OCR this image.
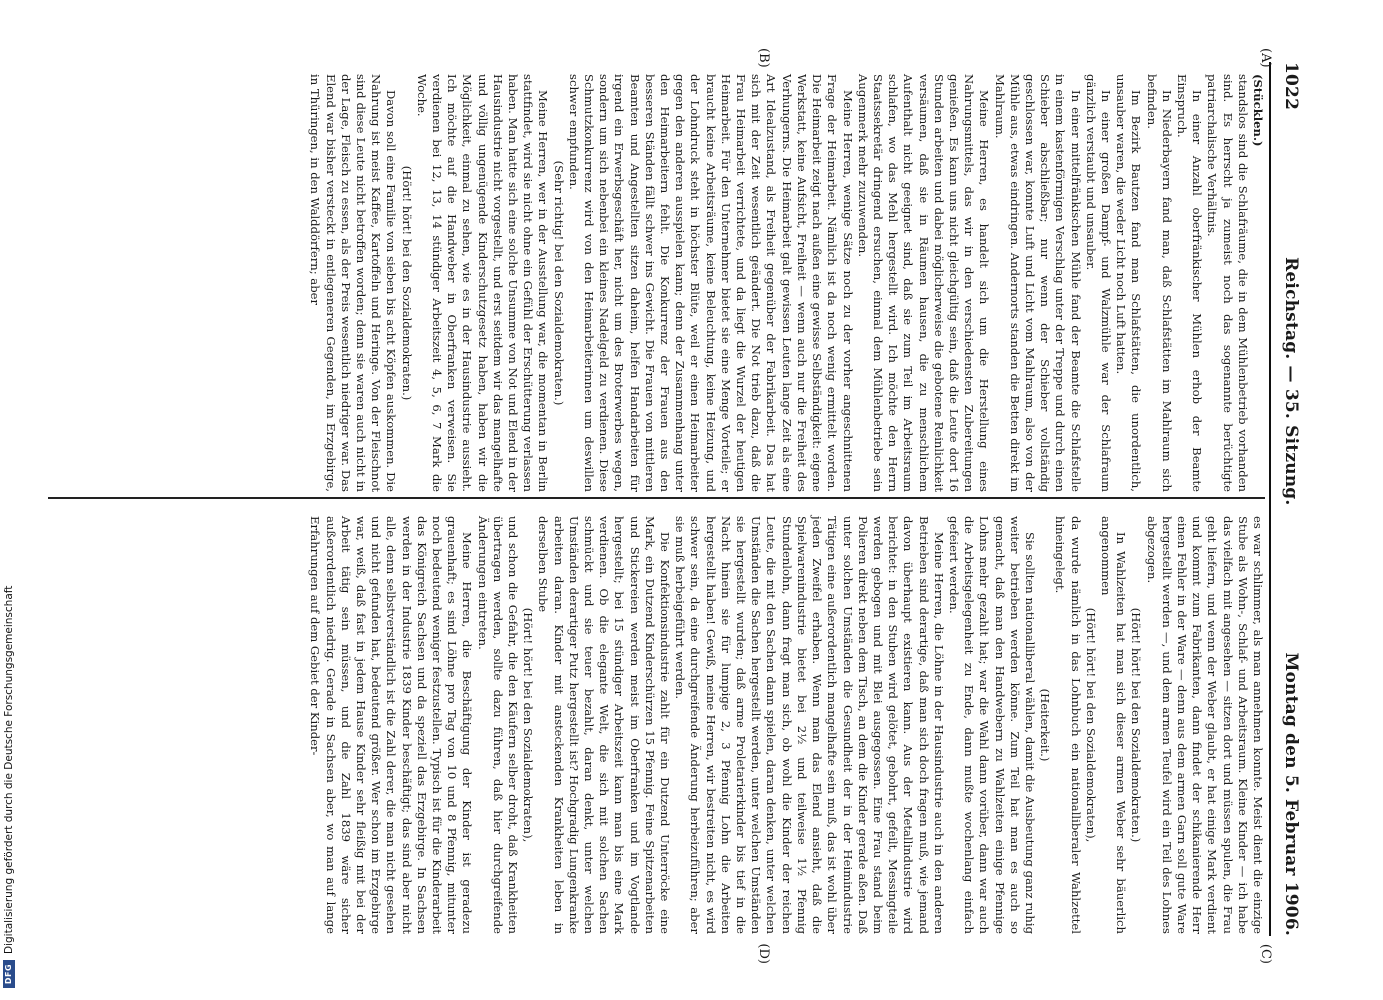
1022
Reichstag. — 35. Sitzung.
Montag den 5. Februar 1906.
(A)
(B)
(C)
(D)

(Stücklen.)

standslos sind die Schlafräume, die in dem Mühlenbetrieb vorhanden sind. Es herrscht ja zumeist noch das sogenannte berüchtigte patriarchalische Verhältnis.

In einer Anzahl oberfränkischer Mühlen erhob der Beamte Einspruch.

In Niederbayern fand man, daß Schlafstätten im Mahlraum sich befinden.

Im Bezirk Bautzen fand man Schlafstätten, die unordentlich, unsauber waren, die weder Licht noch Luft hatten.

In einer großen Dampf- und Walzmühle war der Schlafraum gänzlich verstaubt und unsauber.

In einer mittelfränkischen Mühle fand der Beamte die Schlafstelle in einem kastenförmigen Verschlag unter der Treppe und durch einen Schieber abschließbar; nur wenn der Schieber vollständig geschlossen war, konnte Luft und Licht vom Mahlraum, also von der Mühle aus, etwas eindringen. Andernorts standen die Betten direkt im Mahlraum.

Meine Herren, es handelt sich um die Herstellung eines Nahrungsmittels, das wir in den verschiedensten Zubereitungen genießen. Es kann uns nicht gleichgültig sein, daß die Leute dort 16 Stunden arbeiten und dabei möglicherweise die gebotene Reinlichkeit versäumen, daß sie in Räumen hausen, die zu menschlichem Aufenthalt nicht geeignet sind, daß sie zum Teil im Arbeitsraum schlafen, wo das Mehl hergestellt wird. Ich möchte den Herrn Staatssekretär dringend ersuchen, einmal dem Mühlenbetriebe sein Augenmerk mehr zuzuwenden.

Meine Herren, wenige Sätze noch zu der vorher angeschnittenen Frage der Heimarbeit. Nämlich ist da noch wenig ermittelt worden. Die Heimarbeit zeigt nach außen eine gewisse Selbständigkeit: eigene Werkstatt, keine Aufsicht, Freiheit — wenn auch nur die Freiheit des Verhungerns. Die Heimarbeit galt gewissen Leuten lange Zeit als eine Art Idealzustand, als Freiheit gegenüber der Fabrikarbeit. Das hat sich mit der Zeit wesentlich geändert. Die Not trieb dazu, daß die Frau Heimarbeit verrichtete, und da liegt die Wurzel der heutigen Heimarbeit. Für den Unternehmer bietet sie eine Menge Vorteile; er braucht keine Arbeitsräume, keine Beleuchtung, keine Heizung, und der Lohndruck steht in höchster Blüte, weil er einen Heimarbeiter gegen den anderen ausspielen kann; denn der Zusammenhang unter den Heimarbeitern fehlt. Die Konkurrenz der Frauen aus den besseren Ständen fällt schwer ins Gewicht. Die Frauen von mittleren Beamten und Angestellten sitzen daheim, helfen Handarbeiten für irgend ein Erwerbsgeschäft her, nicht um des Broterwerbes wegen, sondern um sich nebenbei ein kleines Nadelgeld zu verdienen. Diese Schmutzkonkurrenz wird von den Heimarbeiterinnen um deswillen schwer empfunden.

(Sehr richtig! bei den Sozialdemokraten.)

Meine Herren, wer in der Ausstellung war, die momentan in Berlin stattfindet, wird sie nicht ohne ein Gefühl der Erschütterung verlassen haben. Man hatte sich eine solche Unsumme von Not und Elend in der Hausindustrie nicht vorgestellt, und erst seitdem wir das mangelhafte und völlig ungenügende Kinderschutzgesetz haben, haben wir die Möglichkeit, einmal zu sehen, wie es in der Hausindustrie aussieht. Ich möchte auf die Handweber in Oberfranken verweisen. Sie verdienen bei 12, 13, 14 stündiger Arbeitszeit 4, 5, 6, 7 Mark die Woche.

(Hört! hört! bei den Sozialdemokraten.)

Davon soll eine Familie von sieben bis acht Köpfen auskommen. Die Nahrung ist meist Kaffee, Kartoffeln und Heringe. Von der Fleischnot sind diese Leute nicht betroffen worden; denn sie waren auch nicht in der Lage, Fleisch zu essen, als der Preis wesentlich niedriger war. Das Elend war bisher versteckt in entlegeneren Gegenden, im Erzgebirge, in Thüringen, in den Walddörfern; aber

es war schlimmer, als man annehmen konnte. Meist dient die einzige Stube als Wohn-, Schlaf- und Arbeitsraum. Kleine Kinder — ich habe das vielfach mit angesehen — sitzen dort und müssen spulen, die Frau geht liefern, und wenn der Weber glaubt, er hat einige Mark verdient und kommt zum Fabrikanten, dann findet der schikanierende Herr einen Fehler in der Ware — denn aus dem armen Garn soll gute Ware hergestellt werden —, und dem armen Teufel wird ein Teil des Lohnes abgezogen.

(Hört! hört! bei den Sozialdemokraten.)

In Wahlzeiten hat man sich dieser armen Weber sehr bäuerlich angenommen

(Hört! hört! bei den Sozialdemokraten),

da wurde nämlich in das Lohnbuch ein nationalliberaler Wahlzettel hineingelegt.

(Heiterkeit.)

Sie sollten nationalliberal wählen, damit die Ausbeutung ganz ruhig weiter betrieben werden könne. Zum Teil hat man es auch so gemacht, daß man den Handwebern zu Wahlzeiten einige Pfennige Lohns mehr gezahlt hat; war die Wahl dann vorüber, dann war auch die Arbeitsgelegenheit zu Ende, dann mußte wochenlang einfach gefeiert werden.

Meine Herren, die Löhne in der Hausindustrie auch in den anderen Betrieben sind derartige, daß man sich doch fragen muß, wie jemand davon überhaupt existieren kann. Aus der Metallindustrie wird berichtet: in den Stuben wird gelötet, gebohrt, gefeilt, Messingteile werden gebogen und mit Blei ausgegossen. Eine Frau stand beim Polieren direkt neben dem Tisch, an dem die Kinder gerade aßen. Daß unter solchen Umständen die Gesundheit der in der Heimindustrie Tätigen eine außerordentlich mangelhafte sein muß, das ist wohl über jeden Zweifel erhaben. Wenn man das Elend ansieht, daß die Spielwarenindustrie bietet bei 2½ und teilweise 1½ Pfennig Stundenlohn, dann fragt man sich, ob wohl die Kinder der reichen Leute, die mit den Sachen dann spielen, daran denken, unter welchen Umständen die Sachen hergestellt werden, unter welchen Umständen sie hergestellt wurden; daß arme Proletarierkinder bis tief in die Nacht hinein sie für lumpige 2, 3 Pfennig Lohn die Arbeiten hergestellt haben! Gewiß, meine Herren, wir bestreiten nicht, es wird schwer sein, da eine durchgreifende Änderung herbeizuführen; aber sie muß herbeigeführt werden.

Die Konfektionsindustrie zahlt für ein Dutzend Unterröcke eine Mark, ein Dutzend Kinderschürzen 15 Pfennig. Feine Spitzenarbeiten und Stickereien werden meist im Oberfranken und im Vogtlande hergestellt; bei 15 stündiger Arbeitszeit kann man bis eine Mark verdienen. Ob die elegante Welt, die sich mit solchen Sachen schmückt und sie teuer bezahlt, daran denkt, unter welchen Umständen derartiger Putz hergestellt ist? Hochgradig Lungenkranke arbeiten daran. Kinder mit ansteckenden Krankheiten leben in derselben Stube

(Hört! hört! bei den Sozialdemokraten),

und schon die Gefahr, die den Käufern selber droht, daß Krankheiten übertragen werden, sollte dazu führen, daß hier durchgreifende Änderungen eintreten.

Meine Herren, die Beschäftigung der Kinder ist geradezu grauenhaft; es sind Löhne pro Tag von 10 und 8 Pfennig, mitunter noch bedeutend weniger festzustellen. Typisch ist für die Kinderarbeit das Königreich Sachsen und da speziell das Erzgebirge. In Sachsen werden in der Industrie 1839 Kinder beschäftigt; das sind aber nicht alle, denn selbstverständlich ist die Zahl derer, die man nicht gesehen und nicht gefunden hat, bedeutend größer. Wer schon im Erzgebirge war, weiß, daß fast in jedem Hause Kinder sehr fleißig mit bei der Arbeit tätig sein müssen, und die Zahl 1839 wäre sicher außerordentlich niedrig. Gerade in Sachsen aber, wo man auf lange Erfahrungen auf dem Gebiet der Kinder-

DFG
Digitalisierung gefördert durch die Deutsche Forschungsgemeinschaft
